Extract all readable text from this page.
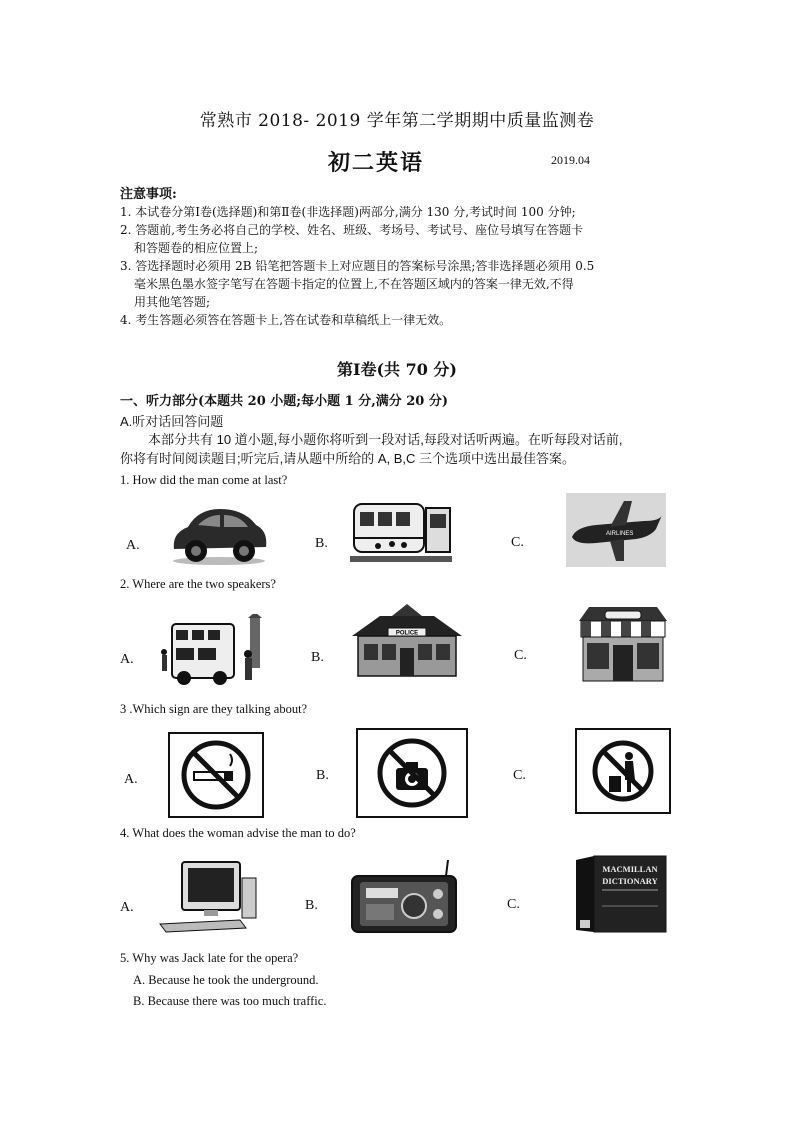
常熟市 2018- 2019 学年第二学期期中质量监测卷
初二英语	2019.04
注意事项:
1. 本试卷分第Ⅰ卷(选择题)和第Ⅱ卷(非选择题)两部分,满分 130 分,考试时间 100 分钟;
2. 答题前,考生务必将自己的学校、姓名、班级、考场号、考试号、座位号填写在答题卡
和答题卷的相应位置上;
3. 答选择题时必须用 2B 铅笔把答题卡上对应题目的答案标号涂黑;答非选择题必须用 0.5
毫米黑色墨水签字笔写在答题卡指定的位置上,不在答题区域内的答案一律无效,不得
用其他笔答题;
4. 考生答题必须答在答题卡上,答在试卷和草稿纸上一律无效。
第Ⅰ卷(共 70 分)
一、听力部分(本题共 20 小题;每小题 1 分,满分 20 分)
A.听对话回答问题
本部分共有 10 道小题,每小题你将听到一段对话,每段对话听两遍。在听每段对话前,
你将有时间阅读题目;听完后,请从题中所给的 A, B,C 三个选项中选出最佳答案。
1. How did the man come at last?
A.	B.	C.
AIRLINES
2. Where are the two speakers?
A.	B.
POLICE
C.
3 .Which sign are they talking about?
A.	B.	C.
4. What does the woman advise the man to do?
A.	B.	C.
MACMILLAN
DICTIONARY
5. Why was Jack late for the opera?
A. Because he took the underground.
B. Because there was too much traffic.
